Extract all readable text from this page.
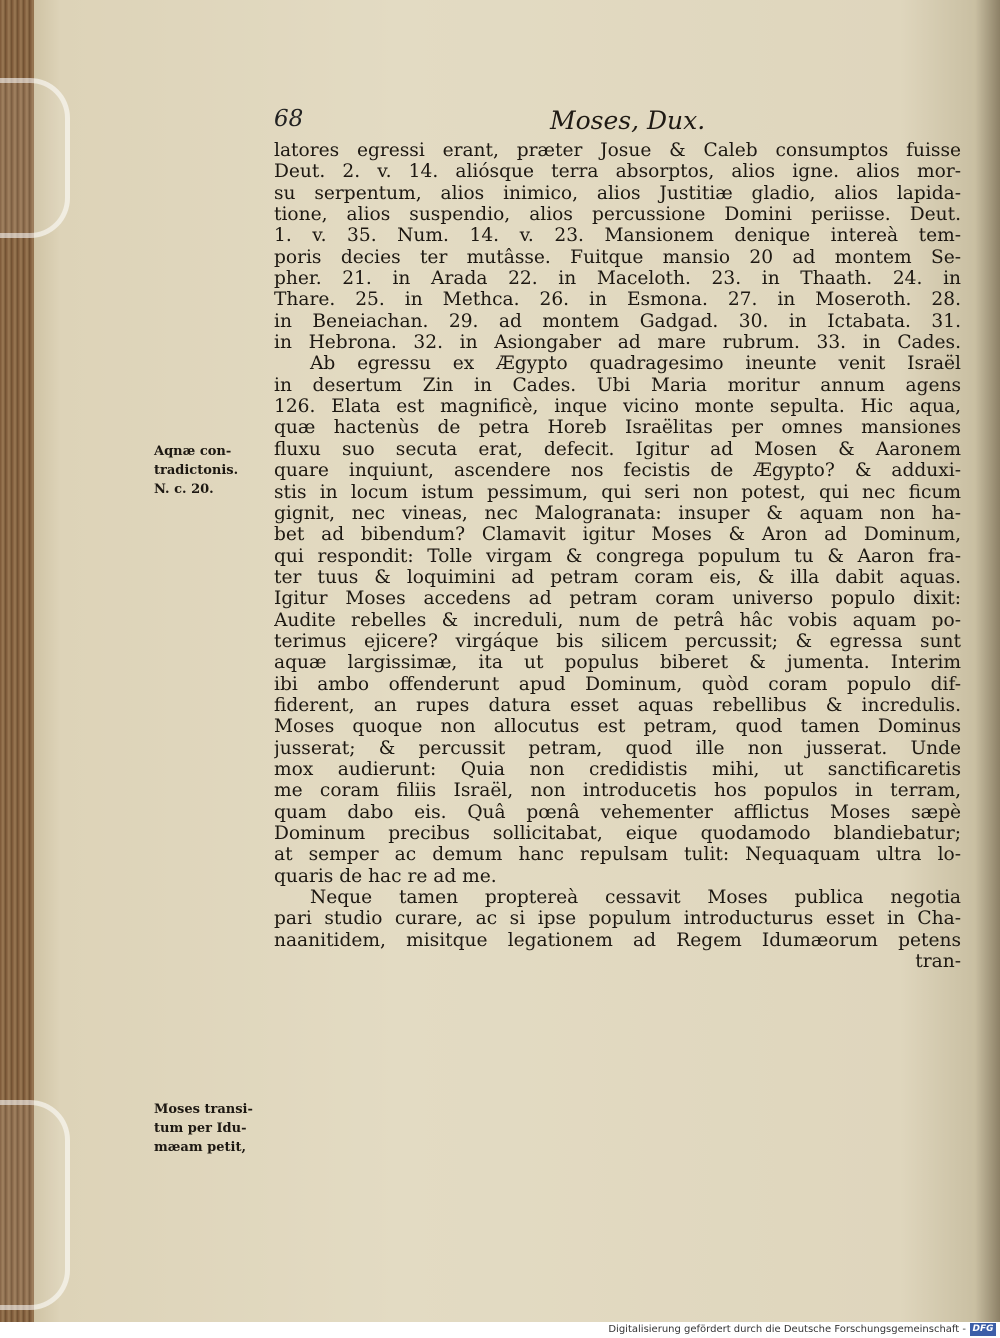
68	Moses, Dux.
Aqnæ con-
tradictonis.
N. c. 20.
Moses transi-
tum per Idu-
mæam petit,
latores egressi erant, præter Josue & Caleb consumptos fuisse
Deut. 2. v. 14. aliósque terra absorptos, alios igne. alios mor-
su serpentum, alios inimico, alios Justitiæ gladio, alios lapida-
tione, alios suspendio, alios percussione Domini periisse. Deut.
1. v. 35. Num. 14. v. 23. Mansionem denique intereà tem-
poris decies ter mutâsse. Fuitque mansio 20 ad montem Se-
pher. 21. in Arada 22. in Maceloth. 23. in Thaath. 24. in
Thare. 25. in Methca. 26. in Esmona. 27. in Moseroth. 28.
in Beneiachan. 29. ad montem Gadgad. 30. in Ictabata. 31.
in Hebrona. 32. in Asiongaber ad mare rubrum. 33. in Cades.
Ab egressu ex Ægypto quadragesimo ineunte venit Israël
in desertum Zin in Cades. Ubi Maria moritur annum agens
126. Elata est magnificè, inque vicino monte sepulta. Hic aqua,
quæ hactenùs de petra Horeb Israëlitas per omnes mansiones
fluxu suo secuta erat, defecit. Igitur ad Mosen & Aaronem
quare inquiunt, ascendere nos fecistis de Ægypto? & adduxi-
stis in locum istum pessimum, qui seri non potest, qui nec ficum
gignit, nec vineas, nec Malogranata: insuper & aquam non ha-
bet ad bibendum? Clamavit igitur Moses & Aron ad Dominum,
qui respondit: Tolle virgam & congrega populum tu & Aaron fra-
ter tuus & loquimini ad petram coram eis, & illa dabit aquas.
Igitur Moses accedens ad petram coram universo populo dixit:
Audite rebelles & increduli, num de petrâ hâc vobis aquam po-
terimus ejicere? virgáque bis silicem percussit; & egressa sunt
aquæ largissimæ, ita ut populus biberet & jumenta. Interim
ibi ambo offenderunt apud Dominum, quòd coram populo dif-
fiderent, an rupes datura esset aquas rebellibus & incredulis.
Moses quoque non allocutus est petram, quod tamen Dominus
jusserat; & percussit petram, quod ille non jusserat. Unde
mox audierunt: Quia non credidistis mihi, ut sanctificaretis
me coram filiis Israël, non introducetis hos populos in terram,
quam dabo eis. Quâ pœnâ vehementer afflictus Moses sæpè
Dominum precibus sollicitabat, eique quodamodo blandiebatur;
at semper ac demum hanc repulsam tulit: Nequaquam ultra lo-
quaris de hac re ad me.
Neque tamen proptereà cessavit Moses publica negotia
pari studio curare, ac si ipse populum introducturus esset in Cha-
naanitidem, misitque legationem ad Regem Idumæorum petens
tran-
Digitalisierung gefördert durch die Deutsche Forschungsgemeinschaft - DFG
